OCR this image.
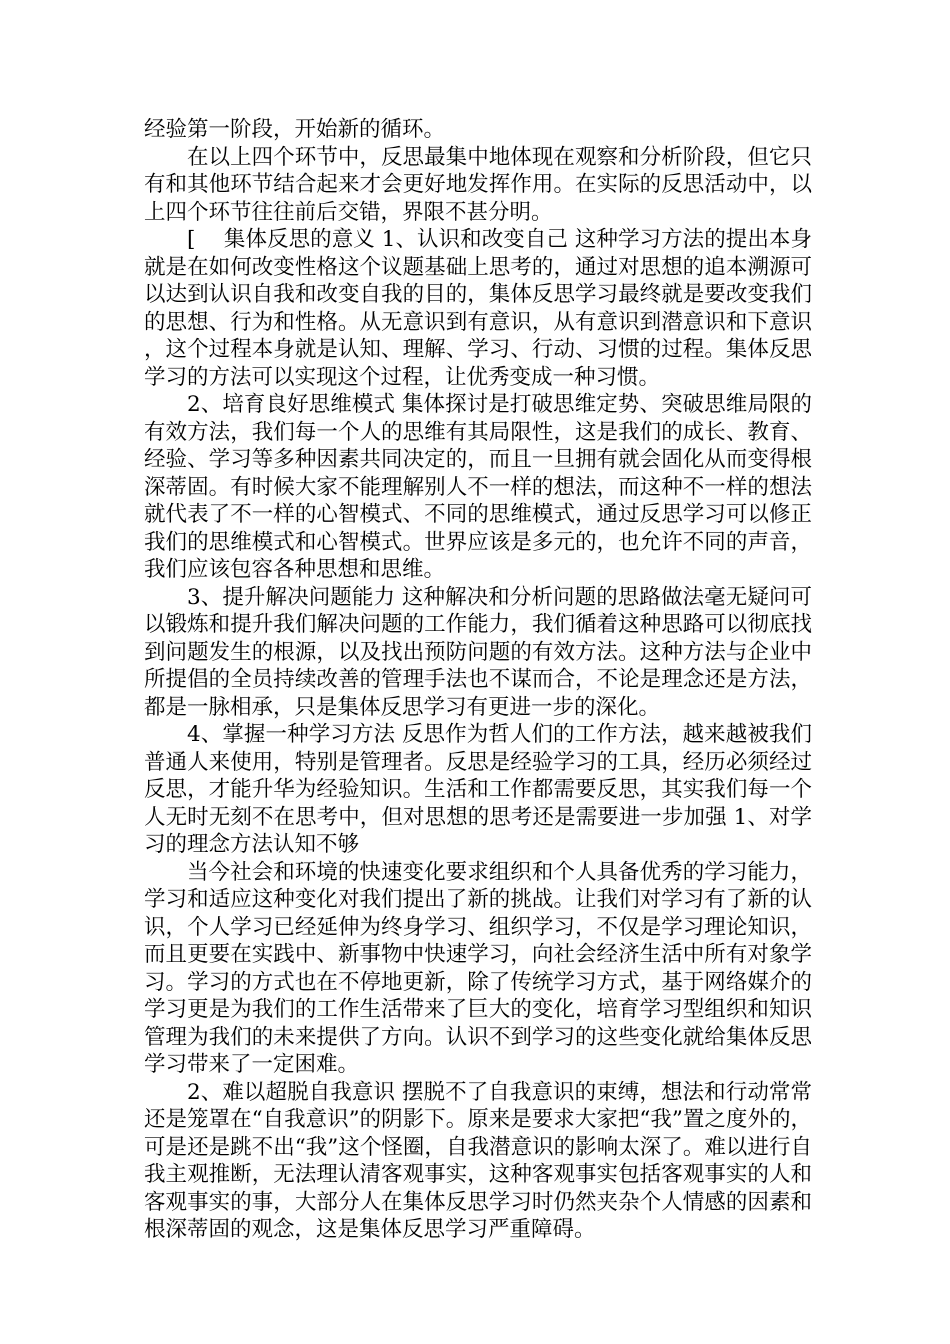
经验第一阶段，开始新的循环。

在以上四个环节中，反思最集中地体现在观察和分析阶段，但它只有和其他环节结合起来才会更好地发挥作用。在实际的反思活动中，以上四个环节往往前后交错，界限不甚分明。

[　 集体反思的意义 1、认识和改变自己 这种学习方法的提出本身就是在如何改变性格这个议题基础上思考的，通过对思想的追本溯源可以达到认识自我和改变自我的目的，集体反思学习最终就是要改变我们的思想、行为和性格。从无意识到有意识，从有意识到潜意识和下意识，这个过程本身就是认知、理解、学习、行动、习惯的过程。集体反思学习的方法可以实现这个过程，让优秀变成一种习惯。

2、培育良好思维模式 集体探讨是打破思维定势、突破思维局限的有效方法，我们每一个人的思维有其局限性，这是我们的成长、教育、经验、学习等多种因素共同决定的，而且一旦拥有就会固化从而变得根深蒂固。有时候大家不能理解别人不一样的想法，而这种不一样的想法就代表了不一样的心智模式、不同的思维模式，通过反思学习可以修正我们的思维模式和心智模式。世界应该是多元的，也允许不同的声音，我们应该包容各种思想和思维。

3、提升解决问题能力 这种解决和分析问题的思路做法毫无疑问可以锻炼和提升我们解决问题的工作能力，我们循着这种思路可以彻底找到问题发生的根源，以及找出预防问题的有效方法。这种方法与企业中所提倡的全员持续改善的管理手法也不谋而合，不论是理念还是方法，都是一脉相承，只是集体反思学习有更进一步的深化。

4、掌握一种学习方法 反思作为哲人们的工作方法，越来越被我们普通人来使用，特别是管理者。反思是经验学习的工具，经历必须经过反思，才能升华为经验知识。生活和工作都需要反思，其实我们每一个人无时无刻不在思考中，但对思想的思考还是需要进一步加强 1、对学习的理念方法认知不够

当今社会和环境的快速变化要求组织和个人具备优秀的学习能力，学习和适应这种变化对我们提出了新的挑战。让我们对学习有了新的认识，个人学习已经延伸为终身学习、组织学习，不仅是学习理论知识，而且更要在实践中、新事物中快速学习，向社会经济生活中所有对象学习。学习的方式也在不停地更新，除了传统学习方式，基于网络媒介的学习更是为我们的工作生活带来了巨大的变化，培育学习型组织和知识管理为我们的未来提供了方向。认识不到学习的这些变化就给集体反思学习带来了一定困难。

2、难以超脱自我意识 摆脱不了自我意识的束缚，想法和行动常常还是笼罩在“自我意识”的阴影下。原来是要求大家把“我”置之度外的，可是还是跳不出“我”这个怪圈，自我潜意识的影响太深了。难以进行自我主观推断，无法理认清客观事实，这种客观事实包括客观事实的人和客观事实的事，大部分人在集体反思学习时仍然夹杂个人情感的因素和根深蒂固的观念，这是集体反思学习严重障碍。
